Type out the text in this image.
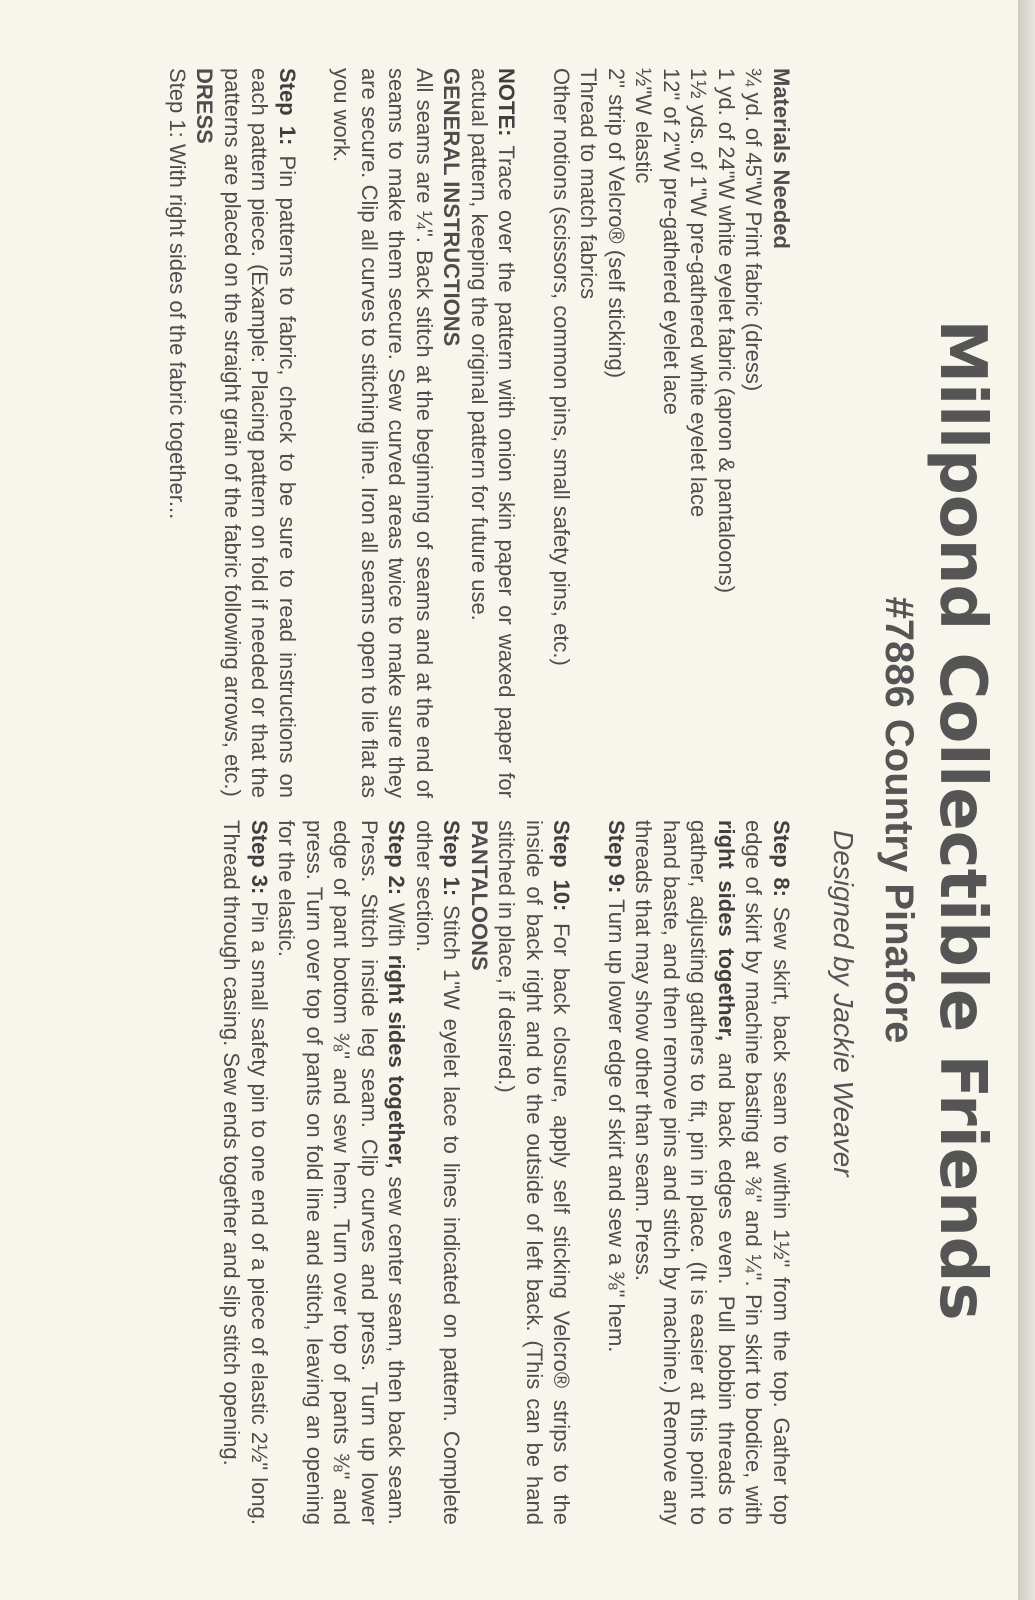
Millpond Collectible Friends
#7886 Country Pinafore
Designed by Jackie Weaver

Materials Needed

¾ yd. of 45"W Print fabric (dress)

1 yd. of 24"W white eyelet fabric (apron & pantaloons)

1½ yds. of 1"W pre-gathered white eyelet lace

12" of 2"W pre-gathered eyelet lace

½"W elastic

2" strip of Velcro® (self sticking)

Thread to match fabrics

Other notions (scissors, common pins, small safety pins, etc.)

NOTE: Trace over the pattern with onion skin paper or waxed paper for actual pattern, keeping the original pattern for future use.

GENERAL INSTRUCTIONS

All seams are ¼". Back stitch at the beginning of seams and at the end of seams to make them secure. Sew curved areas twice to make sure they are secure. Clip all curves to stitching line. Iron all seams open to lie flat as you work.

Step 1: Pin patterns to fabric, check to be sure to read instructions on each pattern piece. (Example: Placing pattern on fold if needed or that the patterns are placed on the straight grain of the fabric following arrows, etc.)

DRESS

Step 1: With right sides of the fabric together...

Step 8: Sew skirt, back seam to within 1½" from the top. Gather top edge of skirt by machine basting at ⅜" and ¼". Pin skirt to bodice, with right sides together, and back edges even. Pull bobbin threads to gather, adjusting gathers to fit, pin in place. (It is easier at this point to hand baste, and then remove pins and stitch by machine.) Remove any threads that may show other than seam. Press.

Step 9: Turn up lower edge of skirt and sew a ⅜" hem.

Step 10: For back closure, apply self sticking Velcro® strips to the inside of back right and to the outside of left back. (This can be hand stitched in place, if desired.)

PANTALOONS

Step 1: Stitch 1"W eyelet lace to lines indicated on pattern. Complete other section.

Step 2: With right sides together, sew center seam, then back seam. Press. Stitch inside leg seam. Clip curves and press. Turn up lower edge of pant bottom ⅜" and sew hem. Turn over top of pants ⅜" and press. Turn over top of pants on fold line and stitch, leaving an opening for the elastic.

Step 3: Pin a small safety pin to one end of a piece of elastic 2½" long. Thread through casing. Sew ends together and slip stitch opening.
